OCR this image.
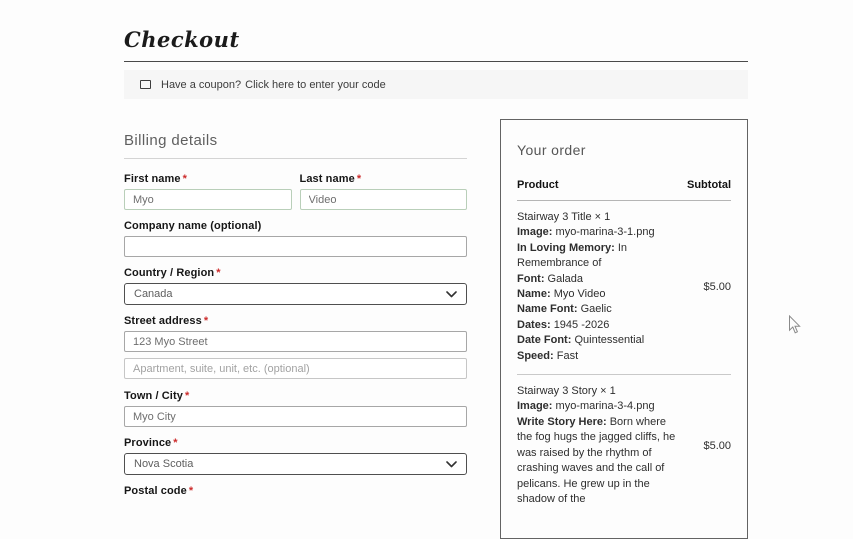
Checkout
Have a coupon? Click here to enter your code
Billing details
First name *
Myo	Last name *
Video
Company name (optional)
Country / Region *
Canada
Street address *
123 Myo Street Apartment, suite, unit, etc. (optional)
Town / City *
Myo City
Province *
Nova Scotia
Postal code *
Your order
Product	Subtotal
Stairway 3 Title × 1
Image: myo-marina-3-1.png
In Loving Memory: In Remembrance of
Font: Galada
Name: Myo Video
Name Font: Gaelic
Dates: 1945 -2026
Date Font: Quintessential
Speed: Fast
$5.00
Stairway 3 Story × 1
Image: myo-marina-3-4.png
Write Story Here: Born where the fog hugs the jagged cliffs, he was raised by the rhythm of crashing waves and the call of pelicans. He grew up in the shadow of the
$5.00
